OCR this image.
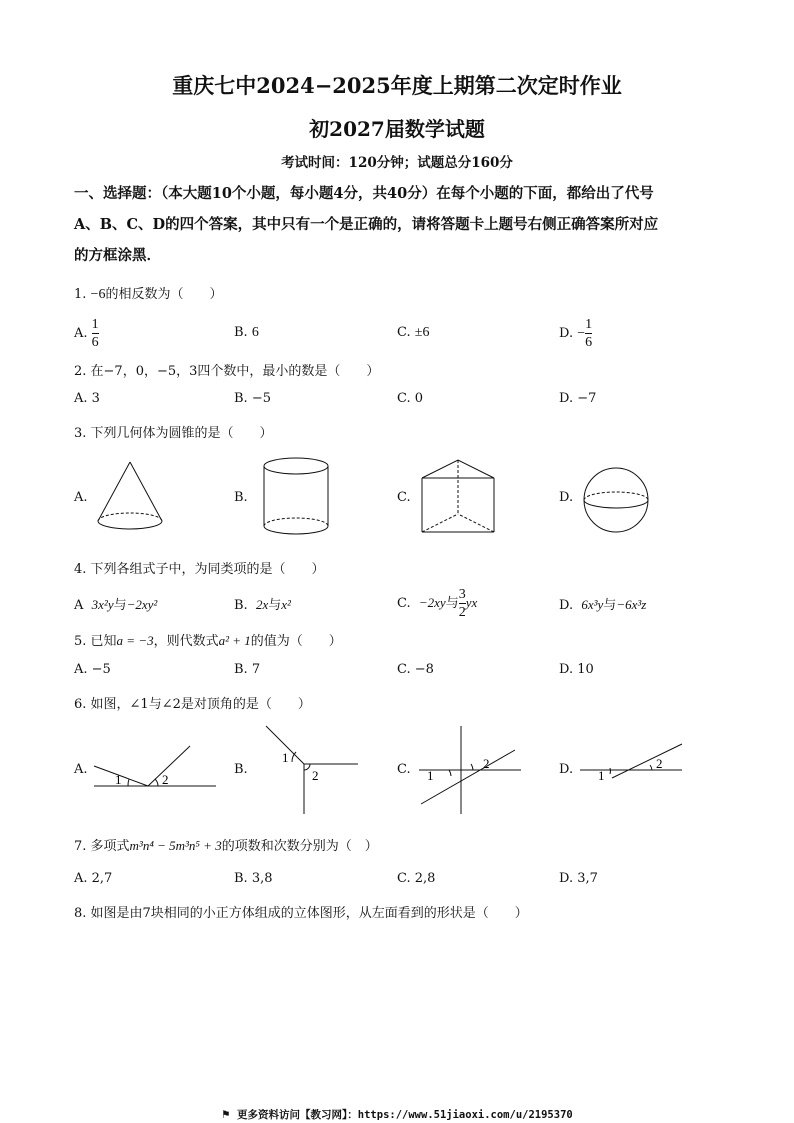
重庆七中2024−2025年度上期第二次定时作业
初2027届数学试题
考试时间：120分钟；试题总分160分
一、选择题：（本大题10个小题，每小题4分，共40分）在每个小题的下面，都给出了代号
A、B、C、D的四个答案，其中只有一个是正确的，请将答题卡上题号右侧正确答案所对应
的方框涂黑．
1. −6的相反数为（　　）
A. $\frac{1}{6}$	B. 6	C. ±6	D. − $\frac{1}{6}$
2. 在−7，0，−5，3四个数中，最小的数是（　　）
A. 3	B. −5	C. 0	D. −7
3. 下列几何体为圆锥的是（　　）
A.	B.	C.	D.
4. 下列各组式子中，为同类项的是（　　）
A 3x²y与−2xy²	B. 2x与x²	C. −2xy与 $\frac{3}{2}$ yx	D. 6x³y与−6x³z
5. 已知a = −3，则代数式a² + 1的值为（　　）
A. −5	B. 7	C. −8	D. 10
6. 如图，∠1与∠2是对顶角的是（　　）
A.	B.	C.	D.
1	2
1
2	1
2
1
2
7. 多项式m³n⁴ − 5m³n⁵ + 3的项数和次数分别为（　）
A. 2,7	B. 3,8	C. 2,8	D. 3,7
8. 如图是由7块相同的小正方体组成的立体图形，从左面看到的形状是（　　）
⚑ 更多资料访问【教习网】：https://www.51jiaoxi.com/u/2195370
